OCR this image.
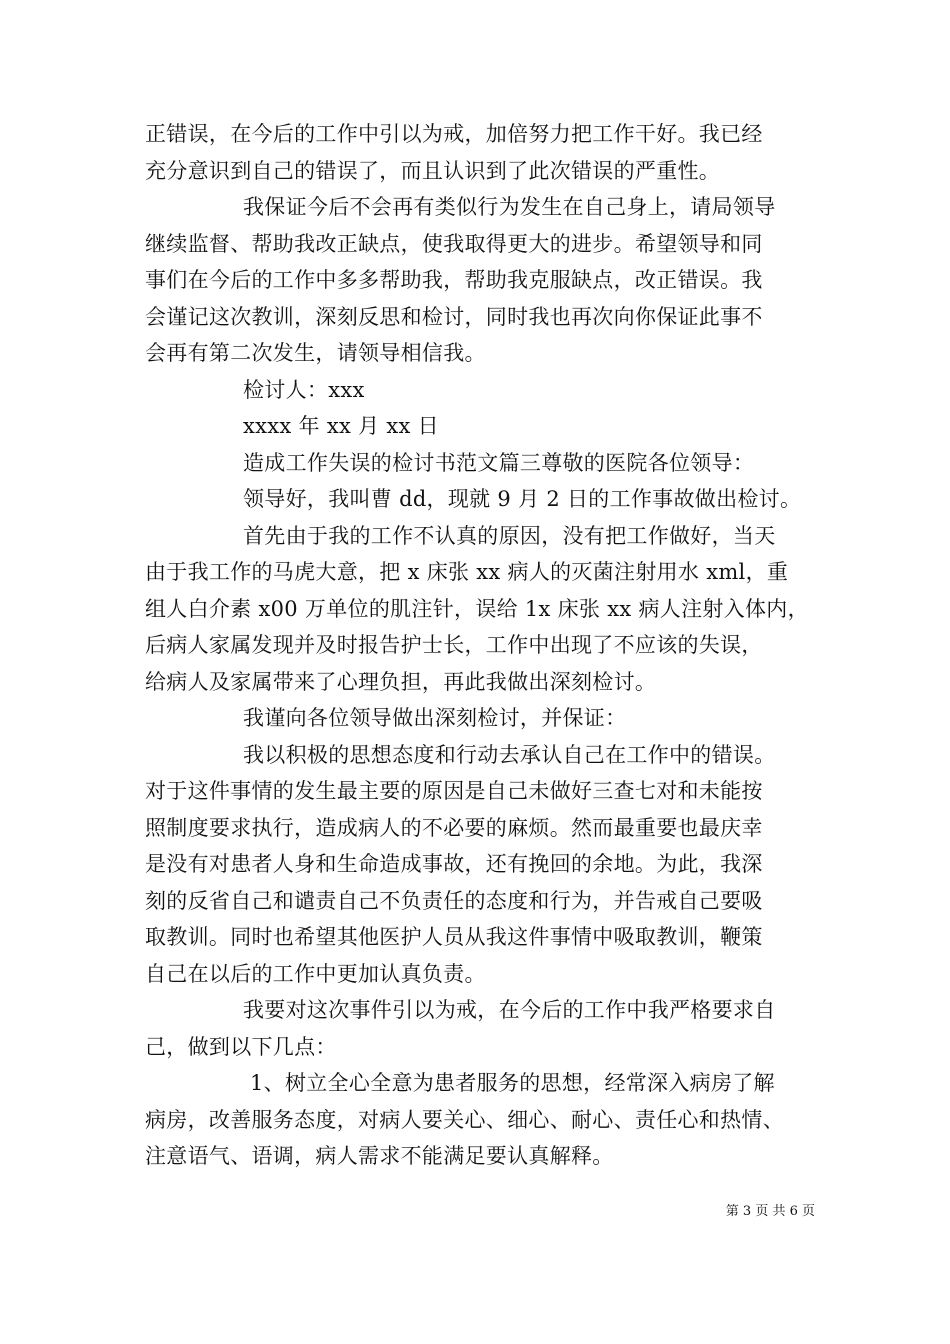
正错误，在今后的工作中引以为戒，加倍努力把工作干好。我已经
充分意识到自己的错误了，而且认识到了此次错误的严重性。
我保证今后不会再有类似行为发生在自己身上，请局领导
继续监督、帮助我改正缺点，使我取得更大的进步。希望领导和同
事们在今后的工作中多多帮助我，帮助我克服缺点，改正错误。我
会谨记这次教训，深刻反思和检讨，同时我也再次向你保证此事不
会再有第二次发生，请领导相信我。
检讨人：xxx
xxxx 年 xx 月 xx 日
造成工作失误的检讨书范文篇三尊敬的医院各位领导：
领导好，我叫曹 dd，现就 9 月 2 日的工作事故做出检讨。
首先由于我的工作不认真的原因，没有把工作做好，当天
由于我工作的马虎大意，把 x 床张 xx 病人的灭菌注射用水 xml，重
组人白介素 x00 万单位的肌注针，误给 1x 床张 xx 病人注射入体内，
后病人家属发现并及时报告护士长，工作中出现了不应该的失误，
给病人及家属带来了心理负担，再此我做出深刻检讨。
我谨向各位领导做出深刻检讨，并保证：
我以积极的思想态度和行动去承认自己在工作中的错误。
对于这件事情的发生最主要的原因是自己未做好三查七对和未能按
照制度要求执行，造成病人的不必要的麻烦。然而最重要也最庆幸
是没有对患者人身和生命造成事故，还有挽回的余地。为此，我深
刻的反省自己和谴责自己不负责任的态度和行为，并告戒自己要吸
取教训。同时也希望其他医护人员从我这件事情中吸取教训，鞭策
自己在以后的工作中更加认真负责。
我要对这次事件引以为戒，在今后的工作中我严格要求自
己，做到以下几点：
1、树立全心全意为患者服务的思想，经常深入病房了解
病房，改善服务态度，对病人要关心、细心、耐心、责任心和热情、
注意语气、语调，病人需求不能满足要认真解释。
第 3 页 共 6 页
